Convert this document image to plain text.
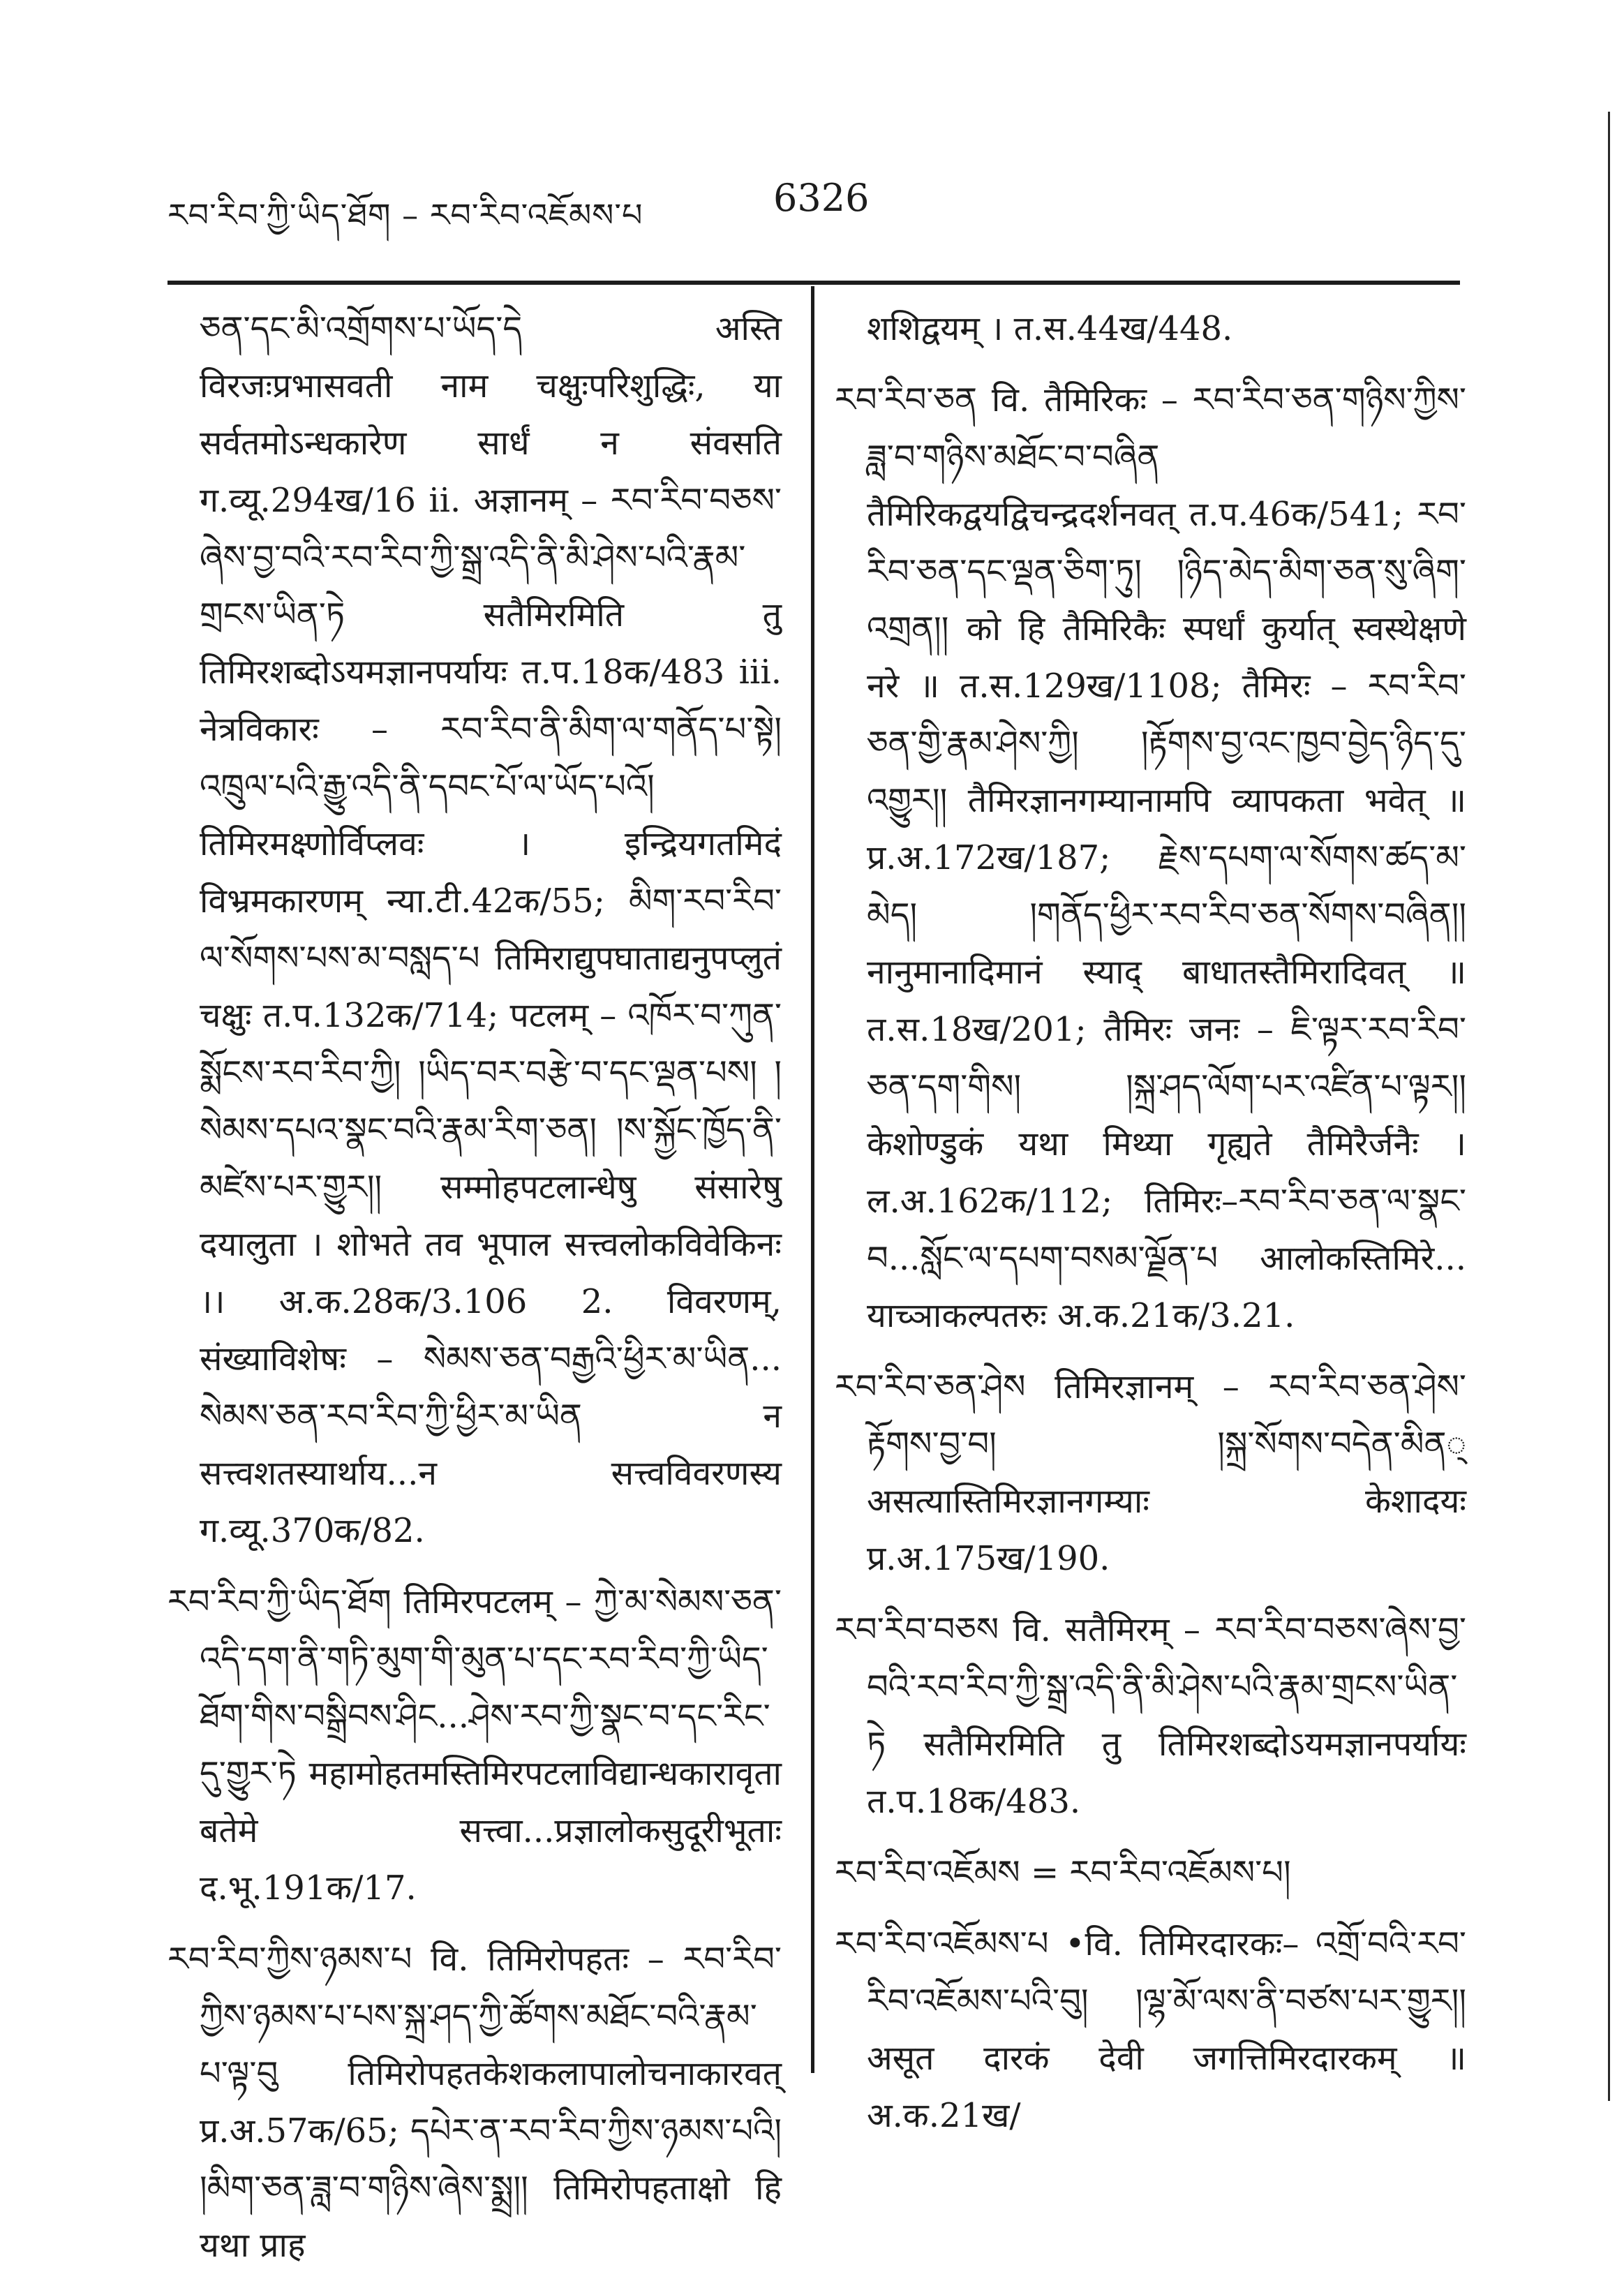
རབ་རིབ་ཀྱི་ཡིད་ཐོག – རབ་རིབ་འཇོམས་པ	6326

ཅན་དང་མི་འགྲོགས་པ་ཡོད་དེ अस्ति विरजःप्रभासवती नाम चक्षुःपरिशुद्धिः, या सर्वतमोऽन्धकारेण सार्धं न संवसति ग.व्यू.294ख/16 ii. अज्ञानम् – རབ་རིབ་བཅས་ཞེས་བྱ་བའི་རབ་རིབ་ཀྱི་སྒྲ་འདི་ནི་མི་ཤེས་པའི་རྣམ་གྲངས་ཡིན་ཏེ सतैमिरमिति तु तिमिरशब्दोऽयमज्ञानपर्यायः त.प.18क/483 iii. नेत्रविकारः – རབ་རིབ་ནི་མིག་ལ་གནོད་པ་སྟེ། འཁྲུལ་པའི་རྒྱུ་འདི་ནི་དབང་པོ་ལ་ཡོད་པའོ། तिमिरमक्ष्णोर्विप्लवः । इन्द्रियगतमिदं विभ्रमकारणम् न्या.टी.42क/55; མིག་རབ་རིབ་ལ་སོགས་པས་མ་བསླད་པ तिमिराद्युपघाताद्यनुपप्लुतं चक्षुः त.प.132क/714; पटलम् – འཁོར་བ་ཀུན་སྨོངས་རབ་རིབ་ཀྱི། །ཡིད་བར་བརྩེ་བ་དང་ལྡན་པས། །སེམས་དཔའ་སྣང་བའི་རྣམ་རིག་ཅན། །ས་སྐྱོང་ཁྱོད་ནི་མཛེས་པར་གྱུར།། सम्मोहपटलान्धेषु संसारेषु दयालुता । शोभते तव भूपाल सत्त्वलोकविवेकिनः ।। अ.क.28क/3.106 2. विवरणम्, संख्याविशेषः – སེམས་ཅན་བརྒྱའི་ཕྱིར་མ་ཡིན... སེམས་ཅན་རབ་རིབ་ཀྱི་ཕྱིར་མ་ཡིན न सत्त्वशतस्यार्थाय...न सत्त्वविवरणस्य ग.व्यू.370क/82.

རབ་རིབ་ཀྱི་ཡིད་ཐོག तिमिरपटलम् – ཀྱེ་མ་སེམས་ཅན་འདི་དག་ནི་གཏི་མུག་གི་མུན་པ་དང་རབ་རིབ་ཀྱི་ཡིད་ཐོག་གིས་བསྒྲིབས་ཤིང...ཤེས་རབ་ཀྱི་སྣང་བ་དང་རིང་དུ་གྱུར་ཏེ महामोहतमस्तिमिरपटलाविद्यान्धकारावृता बतेमे सत्त्वा...प्रज्ञालोकसुदूरीभूताः द.भू.191क/17.

རབ་རིབ་ཀྱིས་ཉམས་པ वि. तिमिरोपहतः – རབ་རིབ་ཀྱིས་ཉམས་པ་པས་སྐྲ་ཤད་ཀྱི་ཚོགས་མཐོང་བའི་རྣམ་པ་ལྟ་བུ तिमिरोपहतकेशकलापालोचनाकारवत् प्र.अ.57क/65; དཔེར་ན་རབ་རིབ་ཀྱིས་ཉམས་པའི། །མིག་ཅན་ཟླ་བ་གཉིས་ཞེས་སྨྲ།། तिमिरोपहताक्षो हि यथा प्राह

शशिद्वयम् । त.स.44ख/448.

རབ་རིབ་ཅན वि. तैमिरिकः – རབ་རིབ་ཅན་གཉིས་ཀྱིས་ཟླ་བ་གཉིས་མཐོང་བ་བཞིན तैमिरिकद्वयद्विचन्द्रदर्शनवत् त.प.46क/541; རབ་རིབ་ཅན་དང་ལྡན་ཅིག་ཏུ། །ཉིད་མེད་མིག་ཅན་སུ་ཞིག་འགྲན།། को हि तैमिरिकैः स्पर्धां कुर्यात् स्वस्थेक्षणे नरे ॥ त.स.129ख/1108; तैमिरः – རབ་རིབ་ཅན་གྱི་རྣམ་ཤེས་ཀྱི། །རྟོགས་བྱ་འང་ཁྱབ་བྱེད་ཉིད་དུ་འགྱུར།། तैमिरज्ञानगम्यानामपि व्यापकता भवेत् ॥ प्र.अ.172ख/187; རྗེས་དཔག་ལ་སོགས་ཚད་མ་མེད། །གནོད་ཕྱིར་རབ་རིབ་ཅན་སོགས་བཞིན།། नानुमानादिमानं स्याद् बाधातस्तैमिरादिवत् ॥ त.स.18ख/201; तैमिरः जनः – ཇི་ལྟར་རབ་རིབ་ཅན་དག་གིས། །སྐྲ་ཤད་ལོག་པར་འཛིན་པ་ལྟར།། केशोण्डुकं यथा मिथ्या गृह्यते तैमिरैर्जनैः । ल.अ.162क/112; तिमिरः–རབ་རིབ་ཅན་ལ་སྣང་བ...སློང་ལ་དཔག་བསམ་ལྗོན་པ आलोकस्तिमिरे... याच्ञाकल्पतरुः अ.क.21क/3.21.

རབ་རིབ་ཅན་ཤེས तिमिरज्ञानम् – རབ་རིབ་ཅན་ཤེས་རྟོགས་བྱ་བ། །སྐྲ་སོགས་བདེན་མིན् असत्यास्तिमिरज्ञानगम्याः केशादयः प्र.अ.175ख/190.

རབ་རིབ་བཅས वि. सतैमिरम् – རབ་རིབ་བཅས་ཞེས་བྱ་བའི་རབ་རིབ་ཀྱི་སྒྲ་འདི་ནི་མི་ཤེས་པའི་རྣམ་གྲངས་ཡིན་ཏེ सतैमिरमिति तु तिमिरशब्दोऽयमज्ञानपर्यायः त.प.18क/483.

རབ་རིབ་འཇོམས = རབ་རིབ་འཇོམས་པ།

རབ་རིབ་འཇོམས་པ •वि. तिमिरदारकः– འགྲོ་བའི་རབ་རིབ་འཇོམས་པའི་བུ། །ལྷ་མོ་ལས་ནི་བཙས་པར་གྱུར།། असूत दारकं देवी जगत्तिमिरदारकम् ॥ अ.क.21ख/
